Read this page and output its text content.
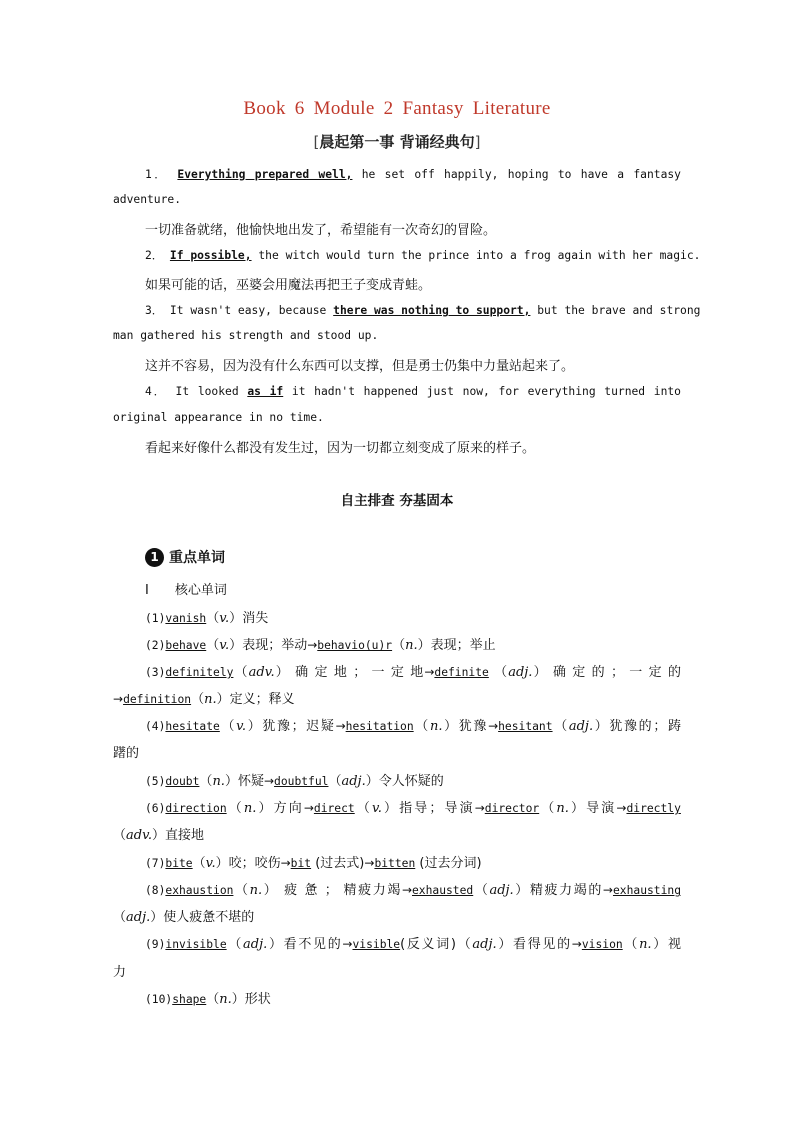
Book 6 Module 2 Fantasy Literature
[晨起第一事 背诵经典句]
1． Everything prepared well, he set off happily, hoping to have a fantasy
adventure.
一切准备就绪，他愉快地出发了，希望能有一次奇幻的冒险。
2． If possible, the witch would turn the prince into a frog again with her magic.
如果可能的话，巫婆会用魔法再把王子变成青蛙。
3． It wasn't easy, because there was nothing to support, but the brave and strong
man gathered his strength and stood up.
这并不容易，因为没有什么东西可以支撑，但是勇士仍集中力量站起来了。
4． It looked as if it hadn't happened just now, for everything turned into
original appearance in no time.
看起来好像什么都没有发生过，因为一切都立刻变成了原来的样子。
自主排查 夯基固本
1 重点单词
Ⅰ 核心单词
(1)vanish（v.）消失
(2)behave（v.）表现；举动→behavio(u)r（n.）表现；举止
(3)definitely（adv.） 确 定 地 ； 一 定 地→definite （adj.） 确 定 的 ； 一 定 的
→definition（n.）定义；释义
(4)hesitate（v.）犹豫；迟疑→hesitation（n.）犹豫→hesitant（adj.）犹豫的；踌
躇的
(5)doubt（n.）怀疑→doubtful（adj.）令人怀疑的
(6)direction（n.）方向→direct（v.）指导；导演→director（n.）导演→directly
（adv.）直接地
(7)bite（v.）咬；咬伤→bit (过去式)→bitten (过去分词)
(8)exhaustion（n.） 疲 惫 ； 精疲力竭→exhausted（adj.）精疲力竭的→exhausting
（adj.）使人疲惫不堪的
(9)invisible（adj.）看不见的→visible(反义词)（adj.）看得见的→vision（n.）视
力
(10)shape（n.）形状
